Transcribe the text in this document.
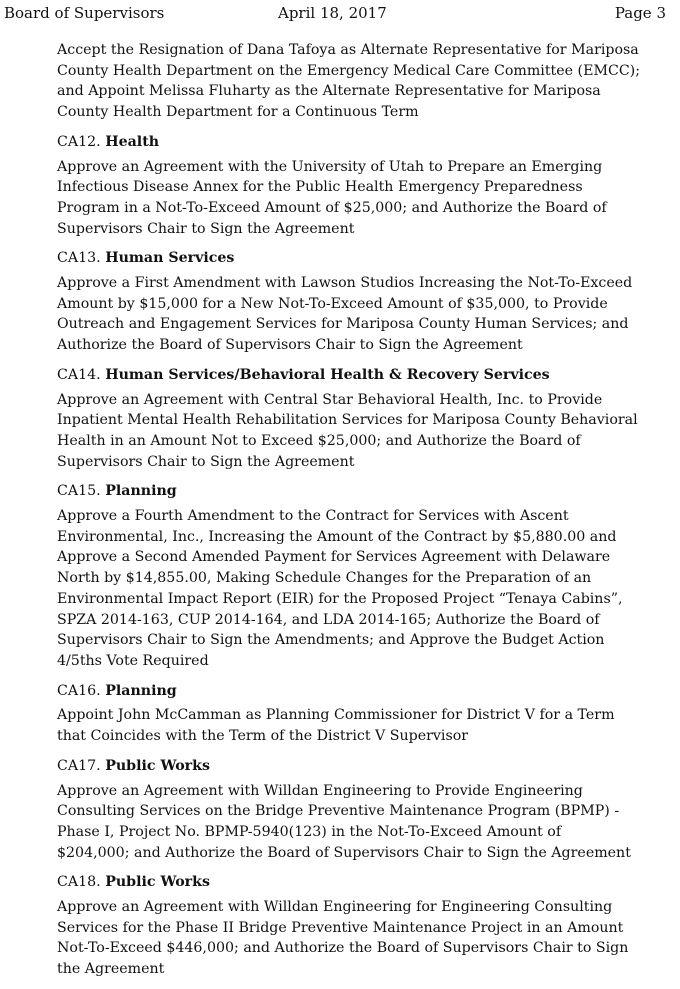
Board of Supervisors	April 18, 2017	Page 3
Accept the Resignation of Dana Tafoya as Alternate Representative for Mariposa
County Health Department on the Emergency Medical Care Committee (EMCC);
and Appoint Melissa Fluharty as the Alternate Representative for Mariposa
County Health Department for a Continuous Term
CA12. Health
Approve an Agreement with the University of Utah to Prepare an Emerging
Infectious Disease Annex for the Public Health Emergency Preparedness
Program in a Not-To-Exceed Amount of $25,000; and Authorize the Board of
Supervisors Chair to Sign the Agreement
CA13. Human Services
Approve a First Amendment with Lawson Studios Increasing the Not-To-Exceed
Amount by $15,000 for a New Not-To-Exceed Amount of $35,000, to Provide
Outreach and Engagement Services for Mariposa County Human Services; and
Authorize the Board of Supervisors Chair to Sign the Agreement
CA14. Human Services/Behavioral Health & Recovery Services
Approve an Agreement with Central Star Behavioral Health, Inc. to Provide
Inpatient Mental Health Rehabilitation Services for Mariposa County Behavioral
Health in an Amount Not to Exceed $25,000; and Authorize the Board of
Supervisors Chair to Sign the Agreement
CA15. Planning
Approve a Fourth Amendment to the Contract for Services with Ascent
Environmental, Inc., Increasing the Amount of the Contract by $5,880.00 and
Approve a Second Amended Payment for Services Agreement with Delaware
North by $14,855.00, Making Schedule Changes for the Preparation of an
Environmental Impact Report (EIR) for the Proposed Project “Tenaya Cabins”,
SPZA 2014-163, CUP 2014-164, and LDA 2014-165; Authorize the Board of
Supervisors Chair to Sign the Amendments; and Approve the Budget Action
4/5ths Vote Required
CA16. Planning
Appoint John McCamman as Planning Commissioner for District V for a Term
that Coincides with the Term of the District V Supervisor
CA17. Public Works
Approve an Agreement with Willdan Engineering to Provide Engineering
Consulting Services on the Bridge Preventive Maintenance Program (BPMP) -
Phase I, Project No. BPMP-5940(123) in the Not-To-Exceed Amount of
$204,000; and Authorize the Board of Supervisors Chair to Sign the Agreement
CA18. Public Works
Approve an Agreement with Willdan Engineering for Engineering Consulting
Services for the Phase II Bridge Preventive Maintenance Project in an Amount
Not-To-Exceed $446,000; and Authorize the Board of Supervisors Chair to Sign
the Agreement
